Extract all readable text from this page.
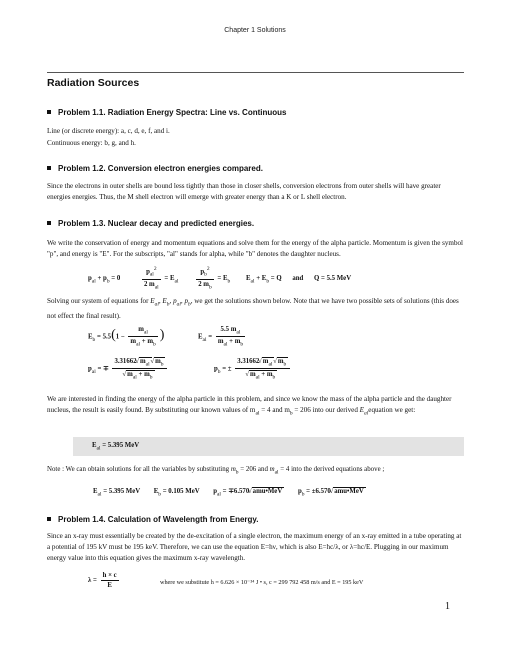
Chapter 1 Solutions
Radiation Sources
Problem 1.1. Radiation Energy Spectra: Line vs. Continuous
Line (or discrete energy): a, c, d, e, f, and i.
Continuous energy: b, g, and h.
Problem 1.2. Conversion electron energies compared.
Since the electrons in outer shells are bound less tightly than those in closer shells, conversion electrons from outer shells will have greater energies energies. Thus, the M shell electron will emerge with greater energy than a K or L shell electron.
Problem 1.3. Nuclear decay and predicted energies.
We write the conservation of energy and momentum equations and solve them for the energy of the alpha particle. Momentum is given the symbol "p", and energy is "E". For the subscripts, "al" stands for alpha, while "b" denotes the daughter nucleus.
$p_{al} + p_b = 0$	$\frac{p_{al}^2}{2 m_{al}} = E_{al}$	$\frac{p_b^2}{2 m_b} = E_b$ $E_{al} + E_b = Q$ and Q = 5.5 MeV
Solving our system of equations for $E_{al}$, $E_b$, $p_{al}$, $p_b$, we get the solutions shown below. Note that we have two possible sets of solutions (this does not effect the final result).
$E_b = 5.5(1 - \frac{m_{al}}{m_{al} + m_b}$ )	$E_{al} = \frac{5.5 m_{al}}{m_{al} + m_b}$
$p_{al}$ = ∓ 3.31662 √ $m_{al}$ √ $m_b$
√ $m_{al} + m_b$	$p_b$ = ± 3.31662 √ $m_{al}$ √ $m_b$
√ $m_{al} + m_b$
We are interested in finding the energy of the alpha particle in this problem, and since we know the mass of the alpha particle and the daughter nucleus, the result is easily found. By substituting our known values of $m_{al} = 4$ and $m_b = 206$ into our derived $E_{al}equation$ we get:
$E_{al} = 5.395$ MeV
Note : We can obtain solutions for all the variables by substituting $m_b = 206$ and $m_{al} = 4$ into the derived equations above ;
$E_{al} = 5.395$ MeV $E_b = 0.105$ MeV $p_{al} = \mp 6.570$ √ amu•MeV $p_b = \pm 6.570$ √ amu•MeV
Problem 1.4. Calculation of Wavelength from Energy.
Since an x-ray must essentially be created by the de-excitation of a single electron, the maximum energy of an x-ray emitted in a tube operating at a potential of 195 kV must be 195 keV. Therefore, we can use the equation E=hν, which is also E=hc/λ, or λ=hc/E. Plugging in our maximum energy value into this equation gives the maximum x-ray wavelength.
$\lambda = \frac{h \times c}{E}$	where we substitute h = 6.626 × 10⁻³⁴ J • s, c = 299 792 458 m/s and E = 195 keV
1
